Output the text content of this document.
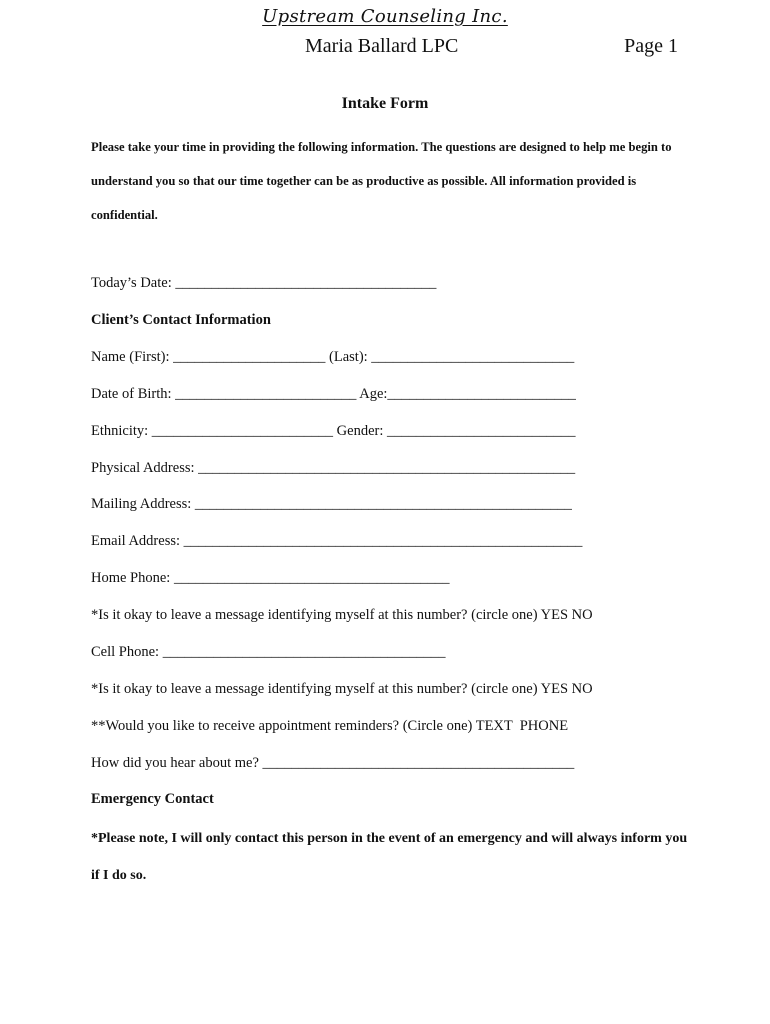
Upstream Counseling Inc.
Maria Ballard LPC	Page 1
Intake Form
Please take your time in providing the following information. The questions are designed to help me begin to understand you so that our time together can be as productive as possible. All information provided is confidential.
Today’s Date: ____________________________________
Client’s Contact Information
Name (First): _____________________ (Last): ____________________________
Date of Birth: _________________________ Age:__________________________
Ethnicity: _________________________ Gender: __________________________
Physical Address: ____________________________________________________
Mailing Address: ____________________________________________________
Email Address: _______________________________________________________
Home Phone: ______________________________________
*Is it okay to leave a message identifying myself at this number? (circle one) YES NO
Cell Phone: _______________________________________
*Is it okay to leave a message identifying myself at this number? (circle one) YES NO
**Would you like to receive appointment reminders? (Circle one) TEXT  PHONE
How did you hear about me? ___________________________________________
Emergency Contact
*Please note, I will only contact this person in the event of an emergency and will always inform you if I do so.
